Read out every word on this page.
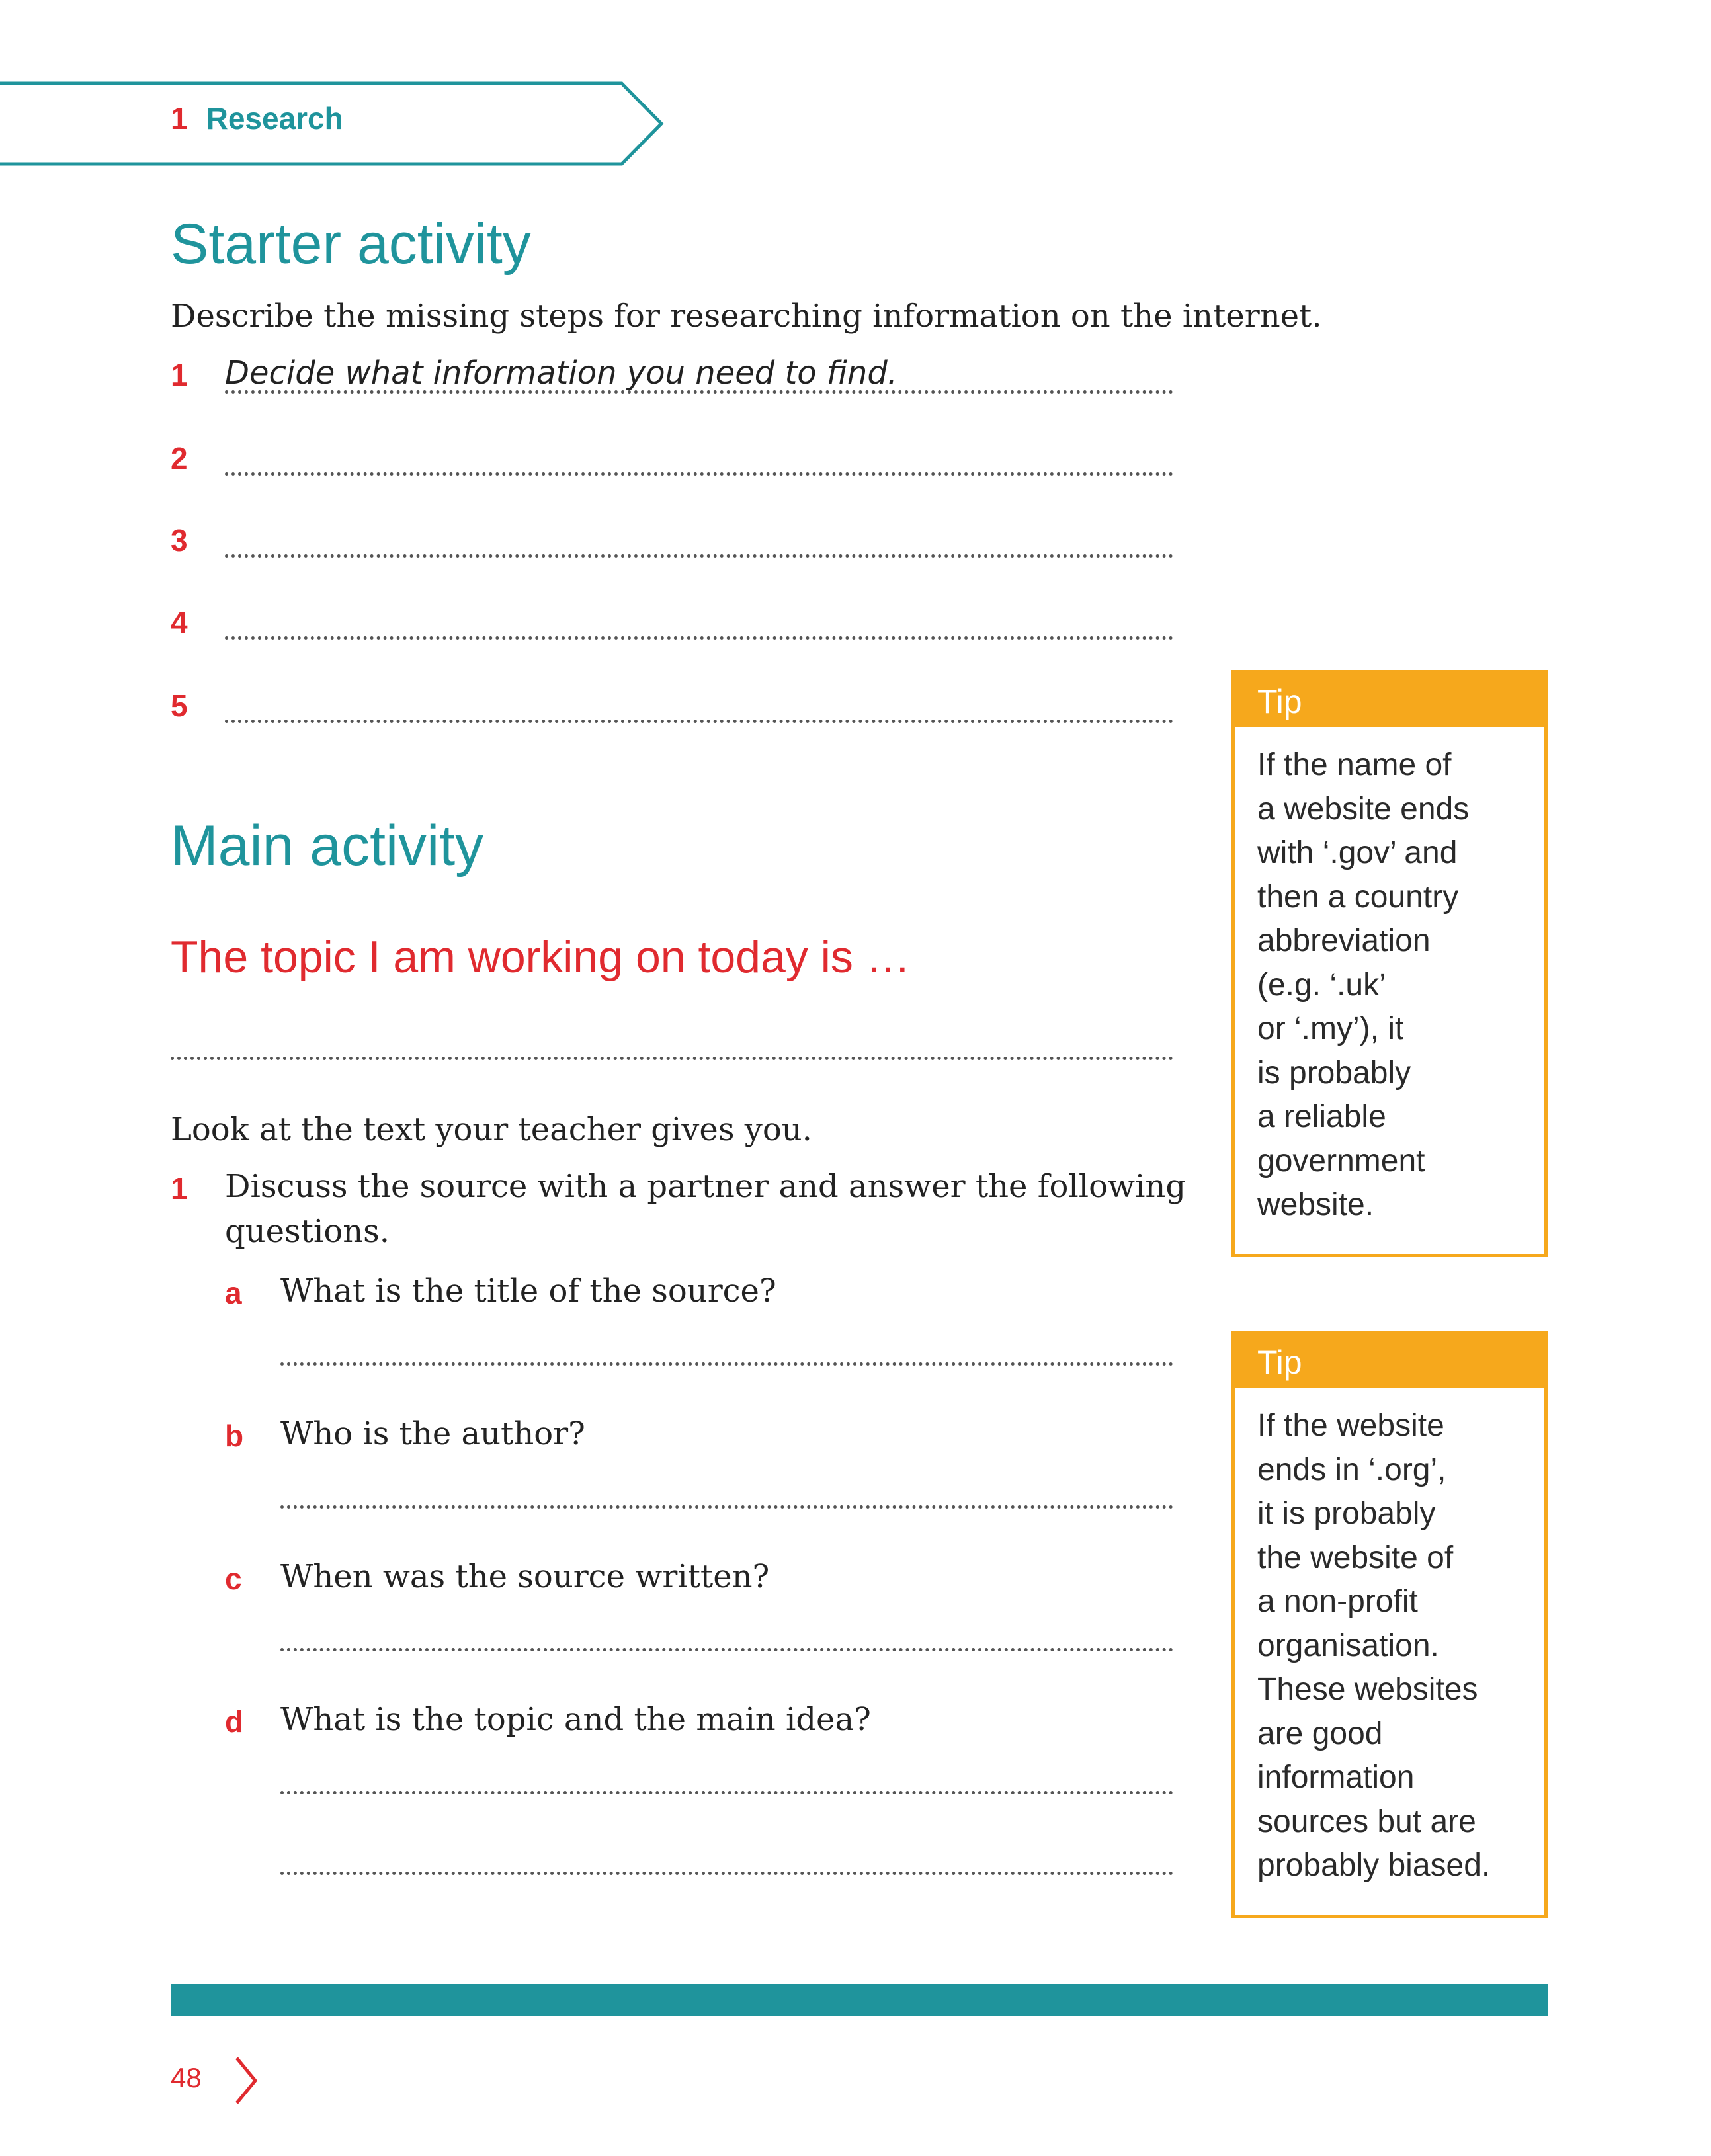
1 Research
Starter activity
Describe the missing steps for researching information on the internet.
1	Decide what information you need to find.
2
3
4
5
Main activity
The topic I am working on today is …
Look at the text your teacher gives you.
1	Discuss the source with a partner and answer the following
questions.
a What is the title of the source?
b Who is the author?
c When was the source written?
d What is the topic and the main idea?
Tip
If the name of
a website ends
with ‘.gov’ and
then a country
abbreviation
(e.g. ‘.uk’
or ‘.my’), it
is probably
a reliable
government
website.
Tip
If the website
ends in ‘.org’,
it is probably
the website of
a non-profit
organisation.
These websites
are good
information
sources but are
probably biased.
48
